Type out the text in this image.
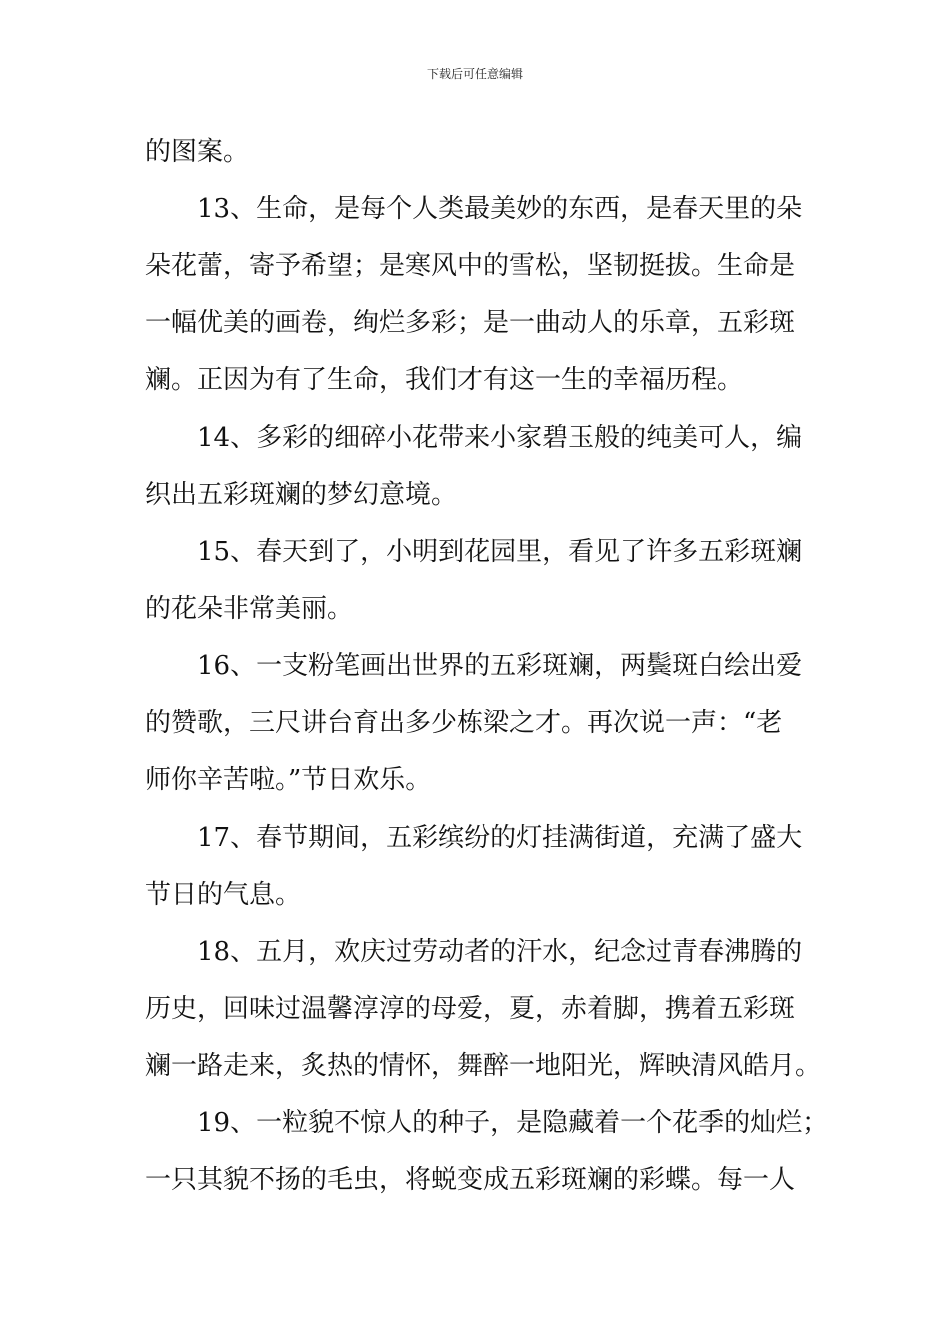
下载后可任意编辑
的图案。
13、生命，是每个人类最美妙的东西，是春天里的朵
朵花蕾，寄予希望；是寒风中的雪松，坚韧挺拔。生命是
一幅优美的画卷，绚烂多彩；是一曲动人的乐章，五彩斑
斓。正因为有了生命，我们才有这一生的幸福历程。
14、多彩的细碎小花带来小家碧玉般的纯美可人，编
织出五彩斑斓的梦幻意境。
15、春天到了，小明到花园里，看见了许多五彩斑斓
的花朵非常美丽。
16、一支粉笔画出世界的五彩斑斓，两鬓斑白绘出爱
的赞歌，三尺讲台育出多少栋梁之才。再次说一声：“老
师你辛苦啦。”节日欢乐。
17、春节期间，五彩缤纷的灯挂满街道，充满了盛大
节日的气息。
18、五月，欢庆过劳动者的汗水，纪念过青春沸腾的
历史，回味过温馨淳淳的母爱，夏，赤着脚，携着五彩斑
斓一路走来，炙热的情怀，舞醉一地阳光，辉映清风皓月。
19、一粒貌不惊人的种子，是隐藏着一个花季的灿烂；
一只其貌不扬的毛虫，将蜕变成五彩斑斓的彩蝶。每一人
